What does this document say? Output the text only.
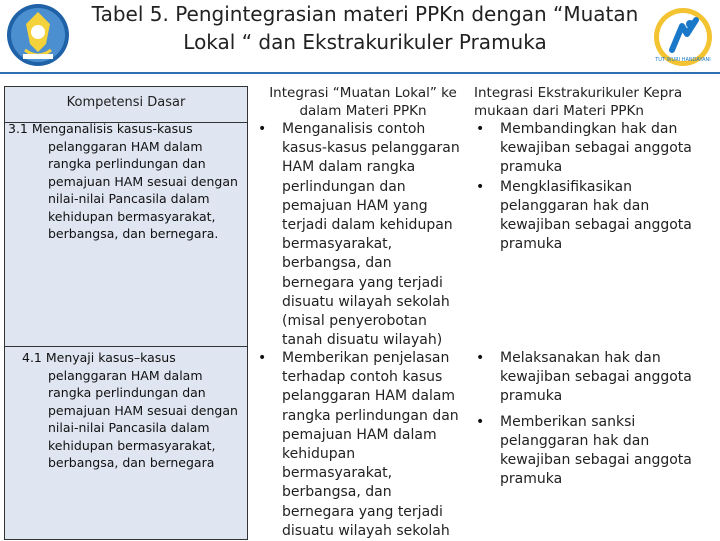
Tabel 5. Pengintegrasian materi PPKn dengan “Muatan
Lokal “ dan Ekstrakurikuler Pramuka
TUT WURI HANDAYANI
Kompetensi Dasar
3.1 Menganalisis kasus-kasus
pelanggaran HAM dalam rangka perlindungan dan pemajuan HAM sesuai dengan nilai-nilai Pancasila dalam kehidupan bermasyarakat, berbangsa, dan bernegara.
4.1 Menyaji kasus–kasus
pelanggaran HAM dalam rangka perlindungan dan pemajuan HAM sesuai dengan nilai-nilai Pancasila dalam kehidupan bermasyarakat, berbangsa, dan bernegara
Integrasi “Muatan Lokal” ke
dalam Materi PPKn
Integrasi Ekstrakurikuler Kepra
mukaan dari Materi PPKn
• Menganalisis contoh kasus-kasus pelanggaran HAM dalam rangka perlindungan dan pemajuan HAM yang terjadi dalam kehidupan bermasyarakat, berbangsa, dan bernegara yang terjadi disuatu wilayah sekolah (misal penyerobotan tanah disuatu wilayah)
• Memberikan penjelasan terhadap contoh kasus pelanggaran HAM dalam rangka perlindungan dan pemajuan HAM dalam kehidupan bermasyarakat, berbangsa, dan bernegara yang terjadi disuatu wilayah sekolah
• Membandingkan hak dan kewajiban sebagai anggota pramuka
• Mengklasifikasikan pelanggaran hak dan kewajiban sebagai anggota pramuka
• Melaksanakan hak dan kewajiban sebagai anggota pramuka
• Memberikan sanksi pelanggaran hak dan kewajiban sebagai anggota pramuka
